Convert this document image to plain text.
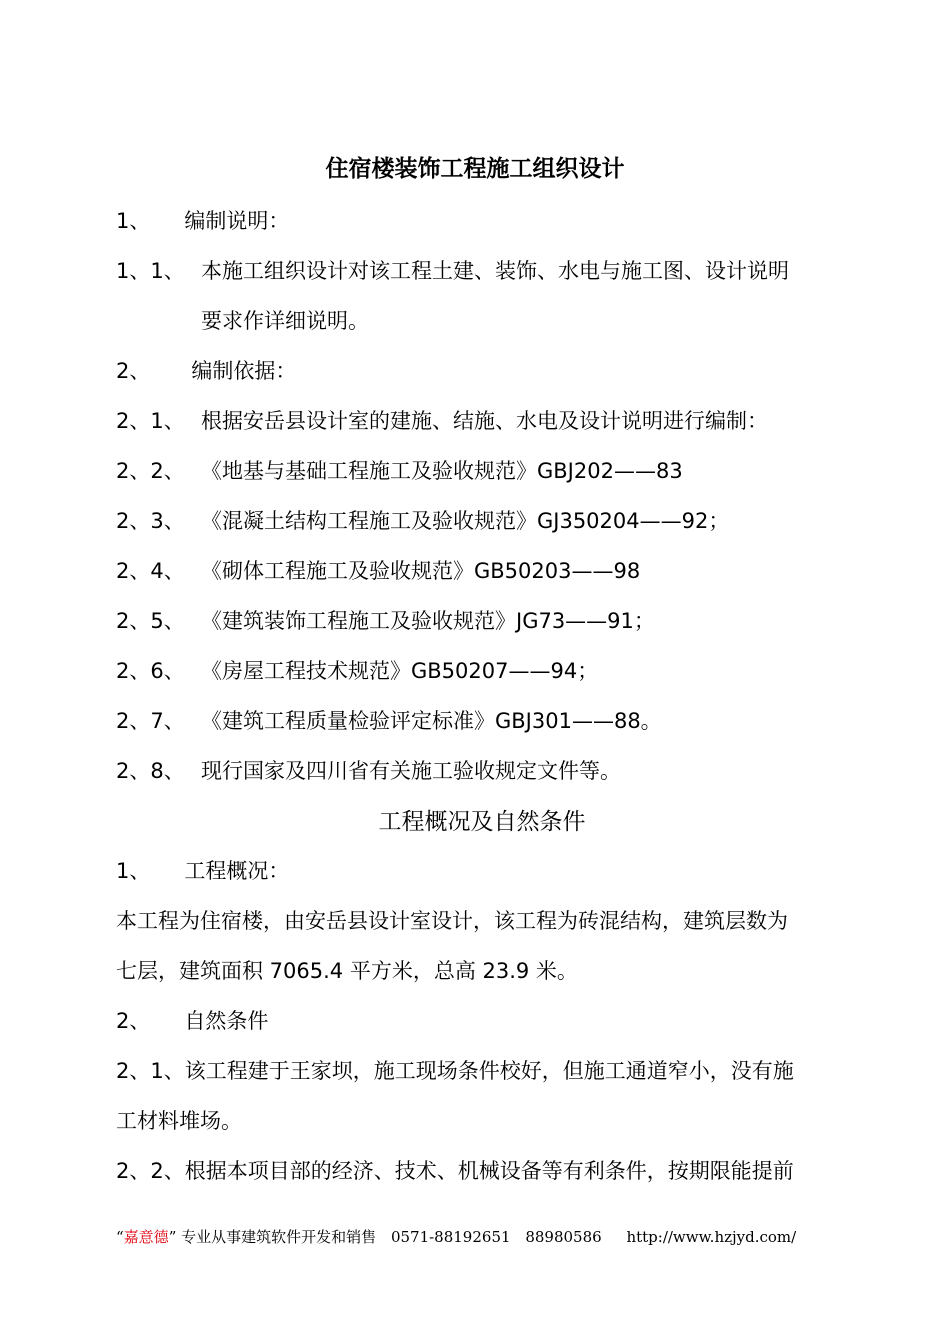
住宿楼装饰工程施工组织设计
1、 编制说明：
1、1、 本施工组织设计对该工程土建、装饰、水电与施工图、设计说明
要求作详细说明。
2、 编制依据：
2、1、 根据安岳县设计室的建施、结施、水电及设计说明进行编制：
2、2、 《地基与基础工程施工及验收规范》GBJ202——83
2、3、 《混凝土结构工程施工及验收规范》GJ350204——92；
2、4、 《砌体工程施工及验收规范》GB50203——98
2、5、 《建筑装饰工程施工及验收规范》JG73——91；
2、6、 《房屋工程技术规范》GB50207——94；
2、7、 《建筑工程质量检验评定标准》GBJ301——88。
2、8、 现行国家及四川省有关施工验收规定文件等。
工程概况及自然条件
1、 工程概况：
本工程为住宿楼，由安岳县设计室设计，该工程为砖混结构，建筑层数为
七层，建筑面积 7065.4 平方米，总高 23.9 米。
2、 自然条件
2、1、该工程建于王家坝，施工现场条件校好，但施工通道窄小，没有施
工材料堆场。
2、2、根据本项目部的经济、技术、机械设备等有利条件，按期限能提前
“嘉意德” 专业从事建筑软件开发和销售 0571-88192651 88980586 http://www.hzjyd.com/
